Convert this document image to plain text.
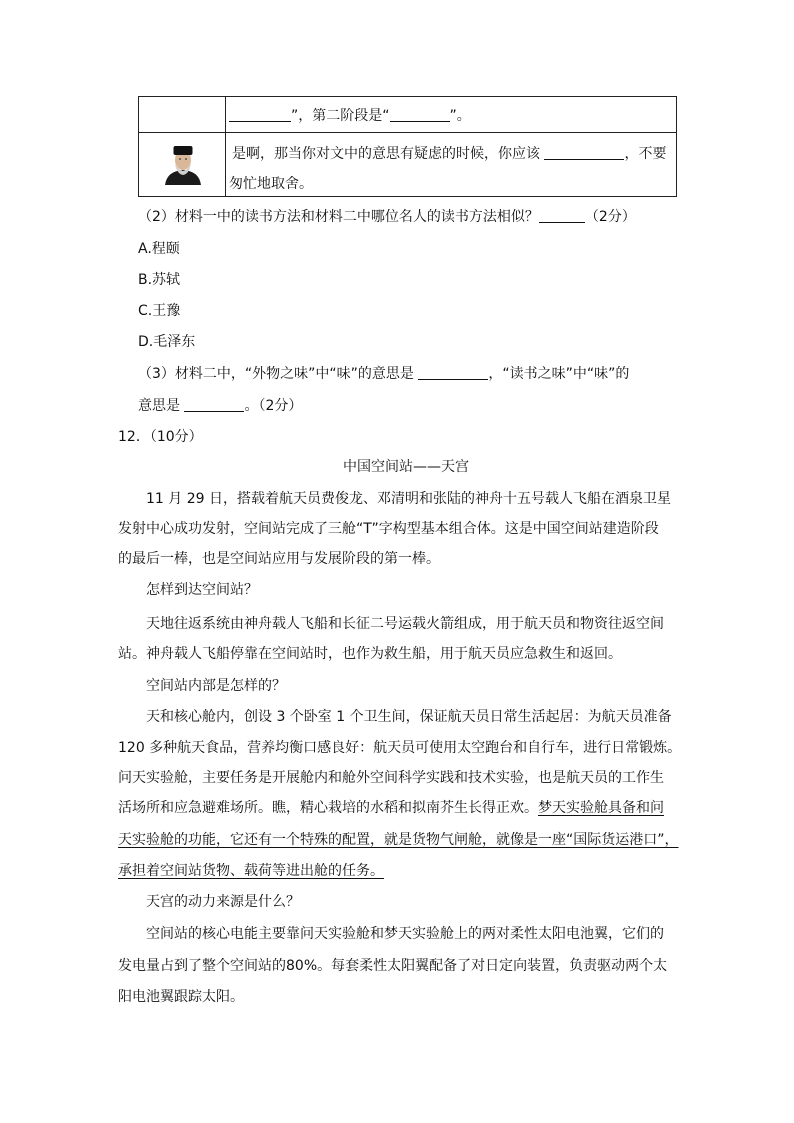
	”，第二阶段是“ ”。

	是啊，那当你对文中的意思有疑虑的时候，你应该 ，不要
匆忙地取舍。
（2）材料一中的读书方法和材料二中哪位名人的读书方法相似？	（2分）
A.程颐
B.苏轼
C.王豫
D.毛泽东
（3）材料二中，“外物之味”中“味”的意思是	，“读书之味”中“味”的
意思是	。（2分）
12．（10分）
中国空间站——天宫
11 月 29 日，搭载着航天员费俊龙、邓清明和张陆的神舟十五号载人飞船在酒泉卫星
发射中心成功发射，空间站完成了三舱“T”字构型基本组合体。这是中国空间站建造阶段
的最后一棒，也是空间站应用与发展阶段的第一棒。
怎样到达空间站？
天地往返系统由神舟载人飞船和长征二号运载火箭组成，用于航天员和物资往返空间
站。神舟载人飞船停靠在空间站时，也作为救生船，用于航天员应急救生和返回。
空间站内部是怎样的？
天和核心舱内，创设 3 个卧室 1 个卫生间，保证航天员日常生活起居：为航天员准备
120 多种航天食品，营养均衡口感良好：航天员可使用太空跑台和自行车，进行日常锻炼。
问天实验舱，主要任务是开展舱内和舱外空间科学实践和技术实验，也是航天员的工作生
活场所和应急避难场所。瞧，精心栽培的水稻和拟南芥生长得正欢。梦天实验舱具备和问
天实验舱的功能，它还有一个特殊的配置，就是货物气闸舱，就像是一座“国际货运港口”，
承担着空间站货物、载荷等进出舱的任务。
天宫的动力来源是什么？
空间站的核心电能主要靠问天实验舱和梦天实验舱上的两对柔性太阳电池翼，它们的
发电量占到了整个空间站的80%。每套柔性太阳翼配备了对日定向装置，负责驱动两个太
阳电池翼跟踪太阳。
